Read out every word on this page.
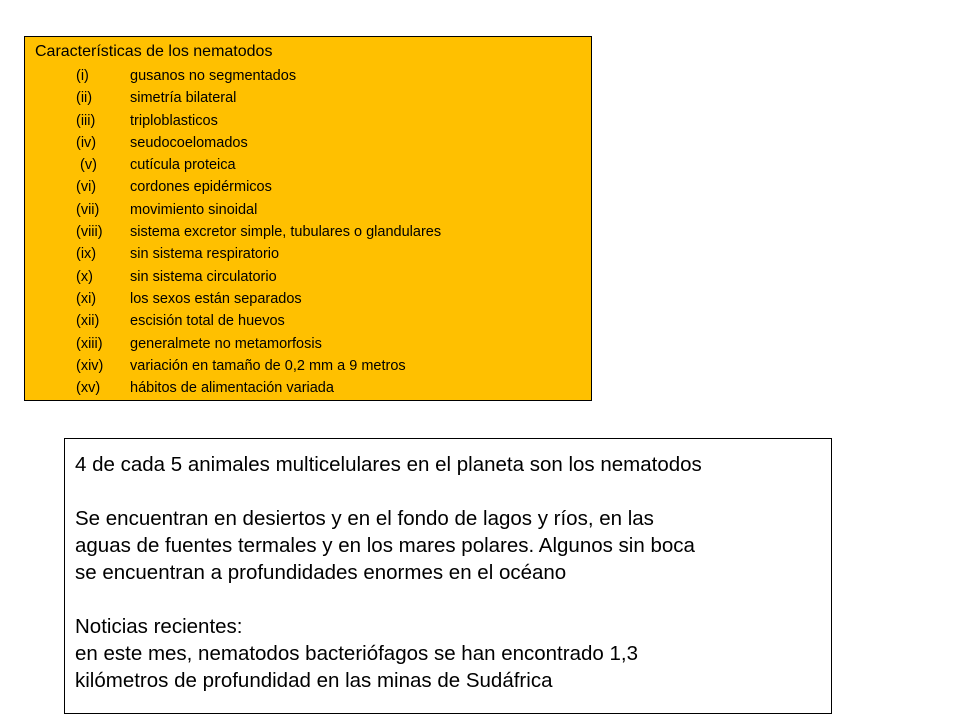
Características de los nematodos
(i)	gusanos no segmentados
(ii)	simetría bilateral
(iii) triploblasticos
(iv) seudocoelomados
(v) cutícula proteica
(vi) cordones epidérmicos
(vii) movimiento sinoidal
(viii) sistema excretor simple, tubulares o glandulares
(ix) sin sistema respiratorio
(x)	sin sistema circulatorio
(xi) los sexos están separados
(xii) escisión total de huevos
(xiii) generalmete no metamorfosis
(xiv) variación en tamaño de 0,2 mm a 9 metros
(xv) hábitos de alimentación variada

4 de cada 5 animales multicelulares en el planeta son los nematodos

Se encuentran en desiertos y en el fondo de lagos y ríos, en las
aguas de fuentes termales y en los mares polares. Algunos sin boca
se encuentran a profundidades enormes en el océano

Noticias recientes:
en este mes, nematodos bacteriófagos se han encontrado 1,3
kilómetros de profundidad en las minas de Sudáfrica
